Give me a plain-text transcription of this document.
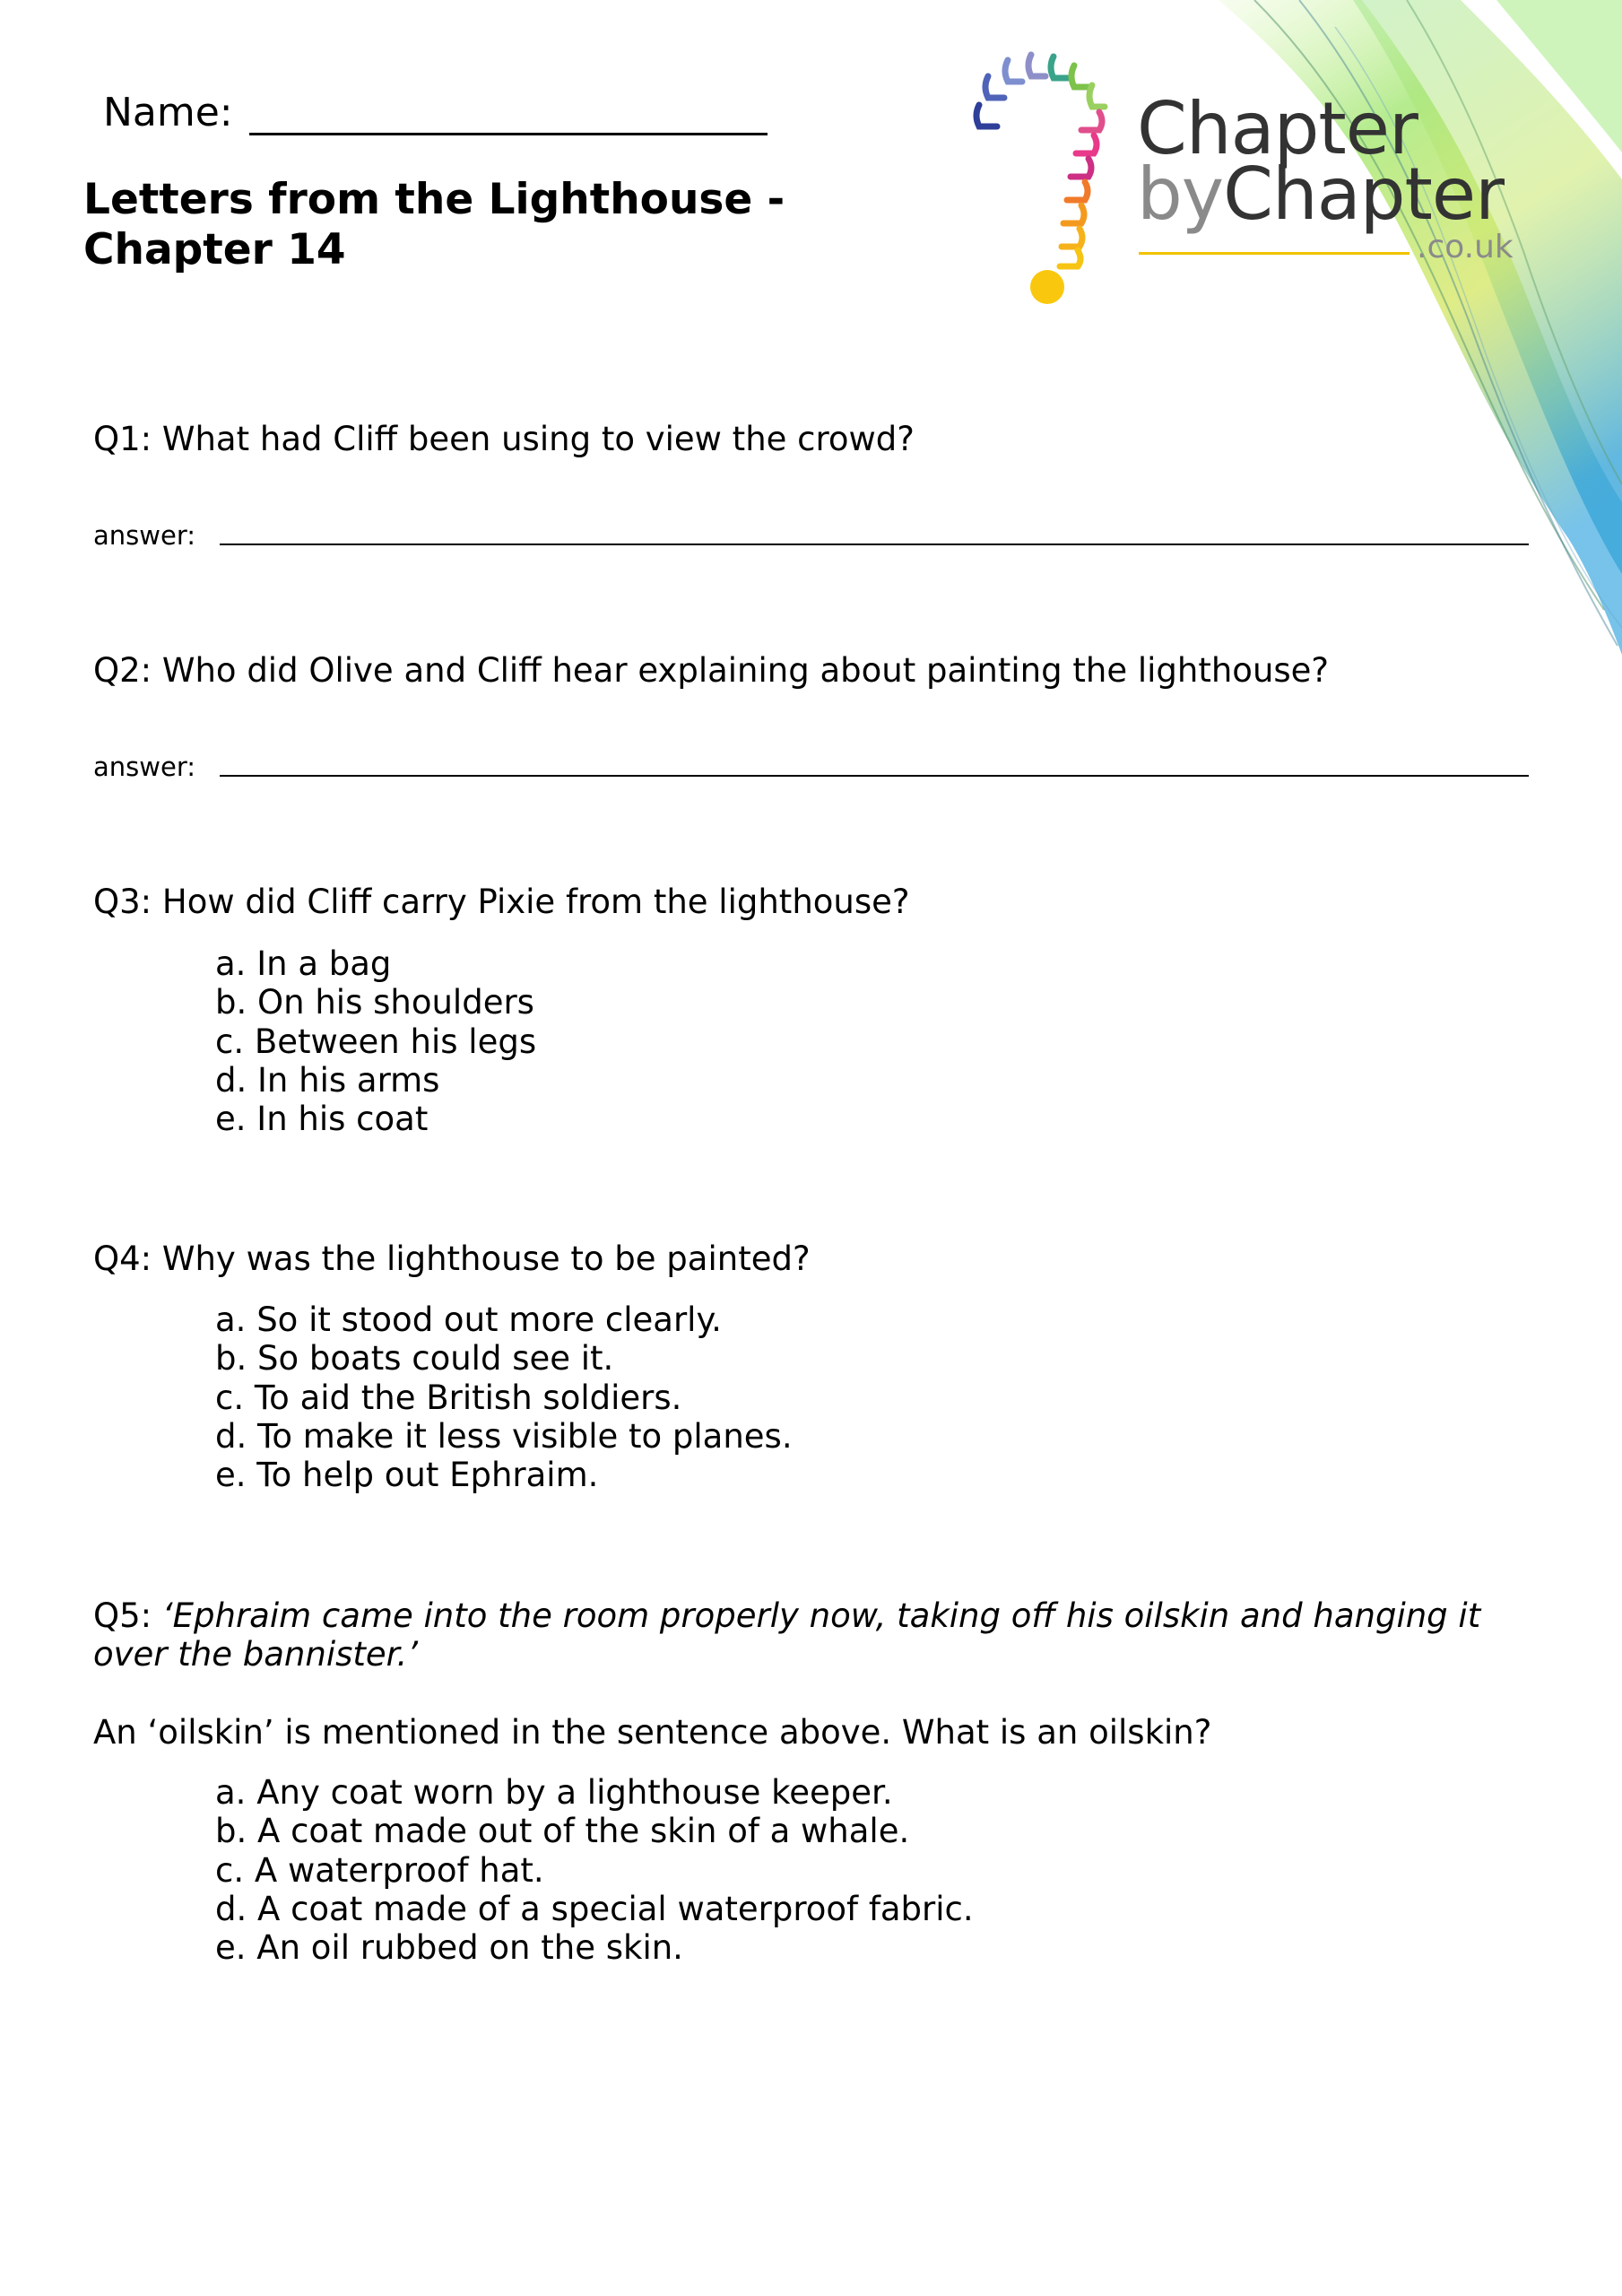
Name:
Letters from the Lighthouse -
Chapter 14
Chapter
byChapter
.co.uk
Q1: What had Cliff been using to view the crowd?
answer:
Q2: Who did Olive and Cliff hear explaining about painting the lighthouse?
answer:
Q3: How did Cliff carry Pixie from the lighthouse?
a. In a bag
b. On his shoulders
c. Between his legs
d. In his arms
e. In his coat
Q4: Why was the lighthouse to be painted?
a. So it stood out more clearly.
b. So boats could see it.
c. To aid the British soldiers.
d. To make it less visible to planes.
e. To help out Ephraim.
Q5: ‘Ephraim came into the room properly now, taking off his oilskin and hanging it
over the bannister.’
An ‘oilskin’ is mentioned in the sentence above. What is an oilskin?
a. Any coat worn by a lighthouse keeper.
b. A coat made out of the skin of a whale.
c. A waterproof hat.
d. A coat made of a special waterproof fabric.
e. An oil rubbed on the skin.
